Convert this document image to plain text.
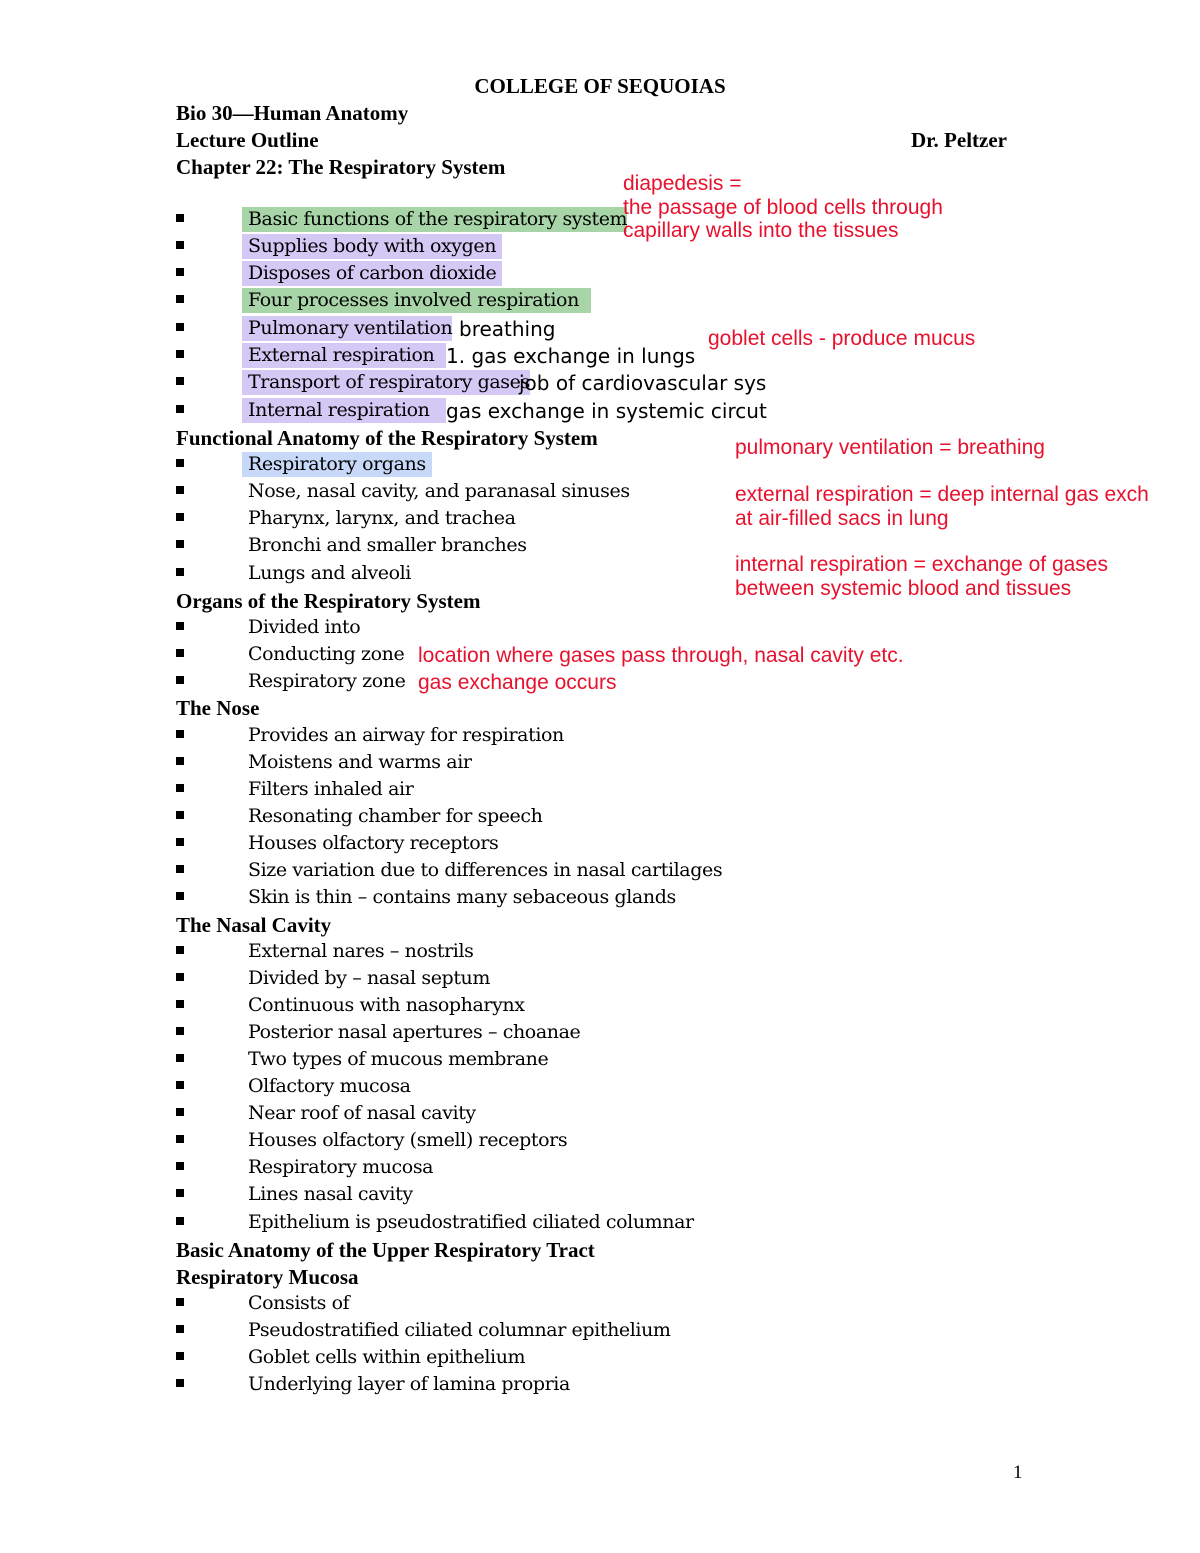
COLLEGE OF SEQUOIAS
Bio 30—Human Anatomy
Lecture Outline	Dr. Peltzer
Chapter 22: The Respiratory System
Basic functions of the respiratory system
Supplies body with oxygen
Disposes of carbon dioxide
Four processes involved respiration
Pulmonary ventilation
External respiration
Transport of respiratory gases
Internal respiration
breathing
1. gas exchange in lungs
job of cardiovascular sys
gas exchange in systemic circut
Functional Anatomy of the Respiratory System
Respiratory organs
Nose, nasal cavity, and paranasal sinuses
Pharynx, larynx, and trachea
Bronchi and smaller branches
Lungs and alveoli
Organs of the Respiratory System
Divided into
Conducting zone
Respiratory zone
The Nose
Provides an airway for respiration
Moistens and warms air
Filters inhaled air
Resonating chamber for speech
Houses olfactory receptors
Size variation due to differences in nasal cartilages
Skin is thin – contains many sebaceous glands
The Nasal Cavity
External nares – nostrils
Divided by – nasal septum
Continuous with nasopharynx
Posterior nasal apertures – choanae
Two types of mucous membrane
Olfactory mucosa
Near roof of nasal cavity
Houses olfactory (smell) receptors
Respiratory mucosa
Lines nasal cavity
Epithelium is pseudostratified ciliated columnar
Basic Anatomy of the Upper Respiratory Tract
Respiratory Mucosa
Consists of
Pseudostratified ciliated columnar epithelium
Goblet cells within epithelium
Underlying layer of lamina propria
diapedesis =
the passage of blood cells through
capillary walls into the tissues
goblet cells - produce mucus
pulmonary ventilation = breathing
external respiration = deep internal gas exch
at air-filled sacs in lung
internal respiration = exchange of gases
between systemic blood and tissues
location where gases pass through, nasal cavity etc.
gas exchange occurs
1
